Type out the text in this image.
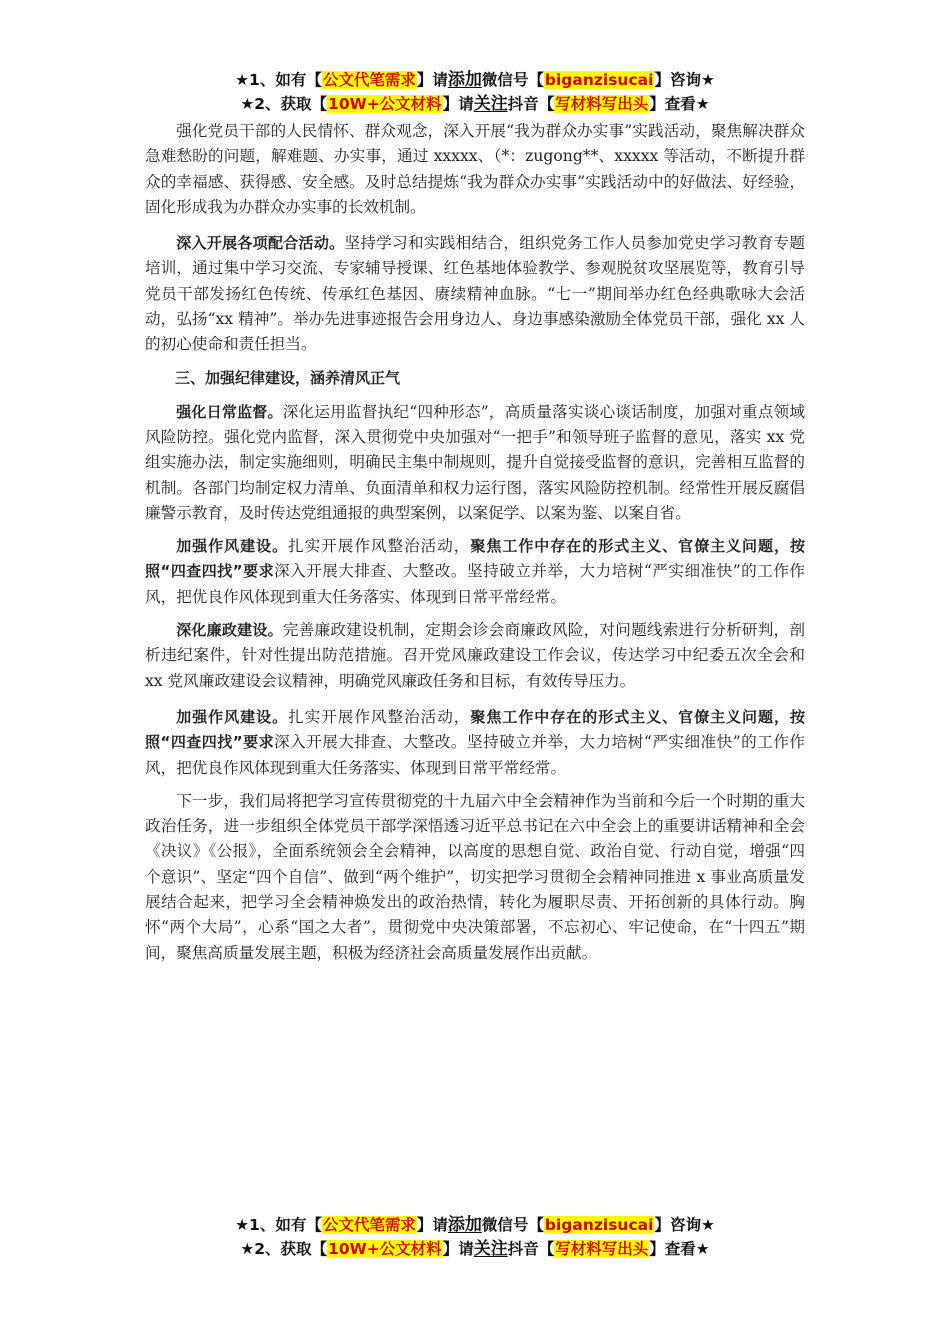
★1、如有【公文代笔需求】请添加微信号【biganzisucai】咨询★
★2、获取【10W+公文材料】请关注抖音【写材料写出头】查看★

强化党员干部的人民情怀、群众观念，深入开展“我为群众办实事”实践活动，聚焦解决群众急难愁盼的问题，解难题、办实事，通过 xxxxx、（*：zugong**、xxxxx 等活动，不断提升群众的幸福感、获得感、安全感。及时总结提炼“我为群众办实事”实践活动中的好做法、好经验，固化形成我为办群众办实事的长效机制。

深入开展各项配合活动。坚持学习和实践相结合，组织党务工作人员参加党史学习教育专题培训，通过集中学习交流、专家辅导授课、红色基地体验教学、参观脱贫攻坚展览等，教育引导党员干部发扬红色传统、传承红色基因、赓续精神血脉。“七一”期间举办红色经典歌咏大会活动，弘扬“xx 精神”。举办先进事迹报告会用身边人、身边事感染激励全体党员干部，强化 xx 人的初心使命和责任担当。

三、加强纪律建设，涵养清风正气

强化日常监督。深化运用监督执纪“四种形态”，高质量落实谈心谈话制度，加强对重点领域风险防控。强化党内监督，深入贯彻党中央加强对“一把手”和领导班子监督的意见，落实 xx 党组实施办法，制定实施细则，明确民主集中制规则，提升自觉接受监督的意识，完善相互监督的机制。各部门均制定权力清单、负面清单和权力运行图，落实风险防控机制。经常性开展反腐倡廉警示教育，及时传达党组通报的典型案例，以案促学、以案为鉴、以案自省。

加强作风建设。扎实开展作风整治活动，聚焦工作中存在的形式主义、官僚主义问题，按照“四查四找”要求深入开展大排查、大整改。坚持破立并举，大力培树“严实细准快”的工作作风，把优良作风体现到重大任务落实、体现到日常平常经常。

深化廉政建设。完善廉政建设机制，定期会诊会商廉政风险，对问题线索进行分析研判，剖析违纪案件，针对性提出防范措施。召开党风廉政建设工作会议，传达学习中纪委五次全会和 xx 党风廉政建设会议精神，明确党风廉政任务和目标，有效传导压力。

加强作风建设。扎实开展作风整治活动，聚焦工作中存在的形式主义、官僚主义问题，按照“四查四找”要求深入开展大排查、大整改。坚持破立并举，大力培树“严实细准快”的工作作风，把优良作风体现到重大任务落实、体现到日常平常经常。

下一步，我们局将把学习宣传贯彻党的十九届六中全会精神作为当前和今后一个时期的重大政治任务，进一步组织全体党员干部学深悟透习近平总书记在六中全会上的重要讲话精神和全会《决议》《公报》，全面系统领会全会精神，以高度的思想自觉、政治自觉、行动自觉，增强“四个意识”、坚定“四个自信”、做到“两个维护”，切实把学习贯彻全会精神同推进 x 事业高质量发展结合起来，把学习全会精神焕发出的政治热情，转化为履职尽责、开拓创新的具体行动。胸怀“两个大局”，心系“国之大者”，贯彻党中央决策部署，不忘初心、牢记使命，在“十四五”期间，聚焦高质量发展主题，积极为经济社会高质量发展作出贡献。

★1、如有【公文代笔需求】请添加微信号【biganzisucai】咨询★
★2、获取【10W+公文材料】请关注抖音【写材料写出头】查看★
